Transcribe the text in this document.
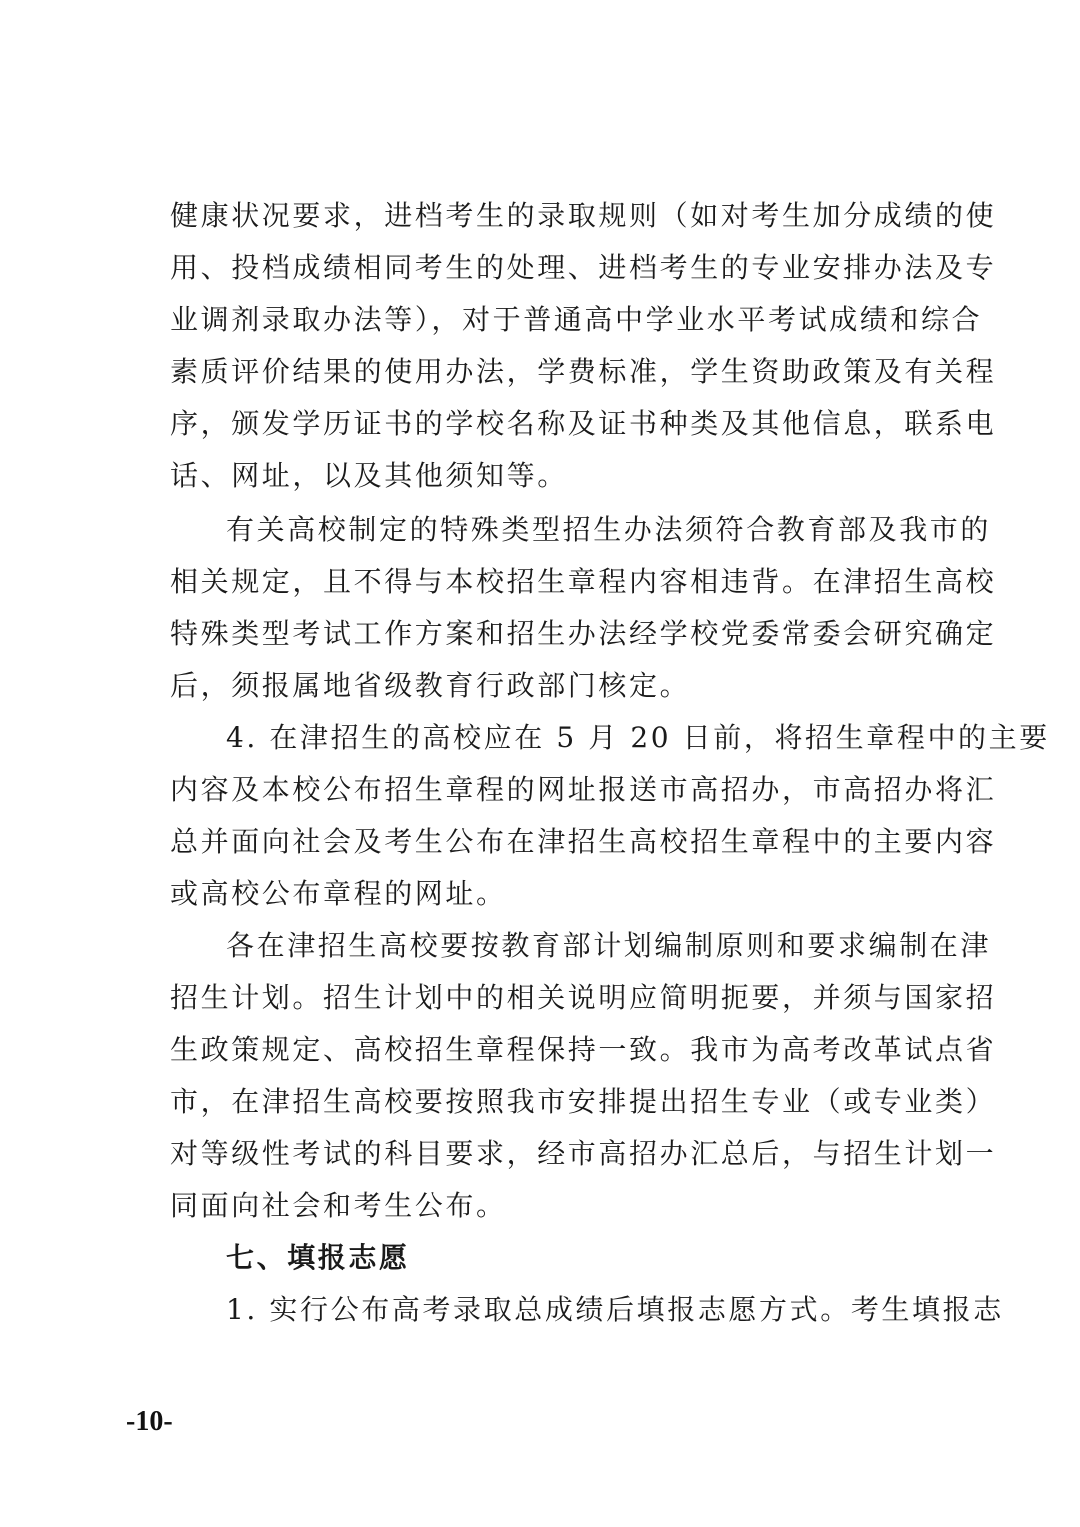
健康状况要求，进档考生的录取规则（如对考生加分成绩的使
用、投档成绩相同考生的处理、进档考生的专业安排办法及专
业调剂录取办法等），对于普通高中学业水平考试成绩和综合
素质评价结果的使用办法，学费标准，学生资助政策及有关程
序，颁发学历证书的学校名称及证书种类及其他信息，联系电
话、网址，以及其他须知等。
有关高校制定的特殊类型招生办法须符合教育部及我市的
相关规定，且不得与本校招生章程内容相违背。在津招生高校
特殊类型考试工作方案和招生办法经学校党委常委会研究确定
后，须报属地省级教育行政部门核定。
4. 在津招生的高校应在 5 月 20 日前，将招生章程中的主要
内容及本校公布招生章程的网址报送市高招办，市高招办将汇
总并面向社会及考生公布在津招生高校招生章程中的主要内容
或高校公布章程的网址。
各在津招生高校要按教育部计划编制原则和要求编制在津
招生计划。招生计划中的相关说明应简明扼要，并须与国家招
生政策规定、高校招生章程保持一致。我市为高考改革试点省
市，在津招生高校要按照我市安排提出招生专业（或专业类）
对等级性考试的科目要求，经市高招办汇总后，与招生计划一
同面向社会和考生公布。
七、填报志愿
1. 实行公布高考录取总成绩后填报志愿方式。考生填报志
-10-
